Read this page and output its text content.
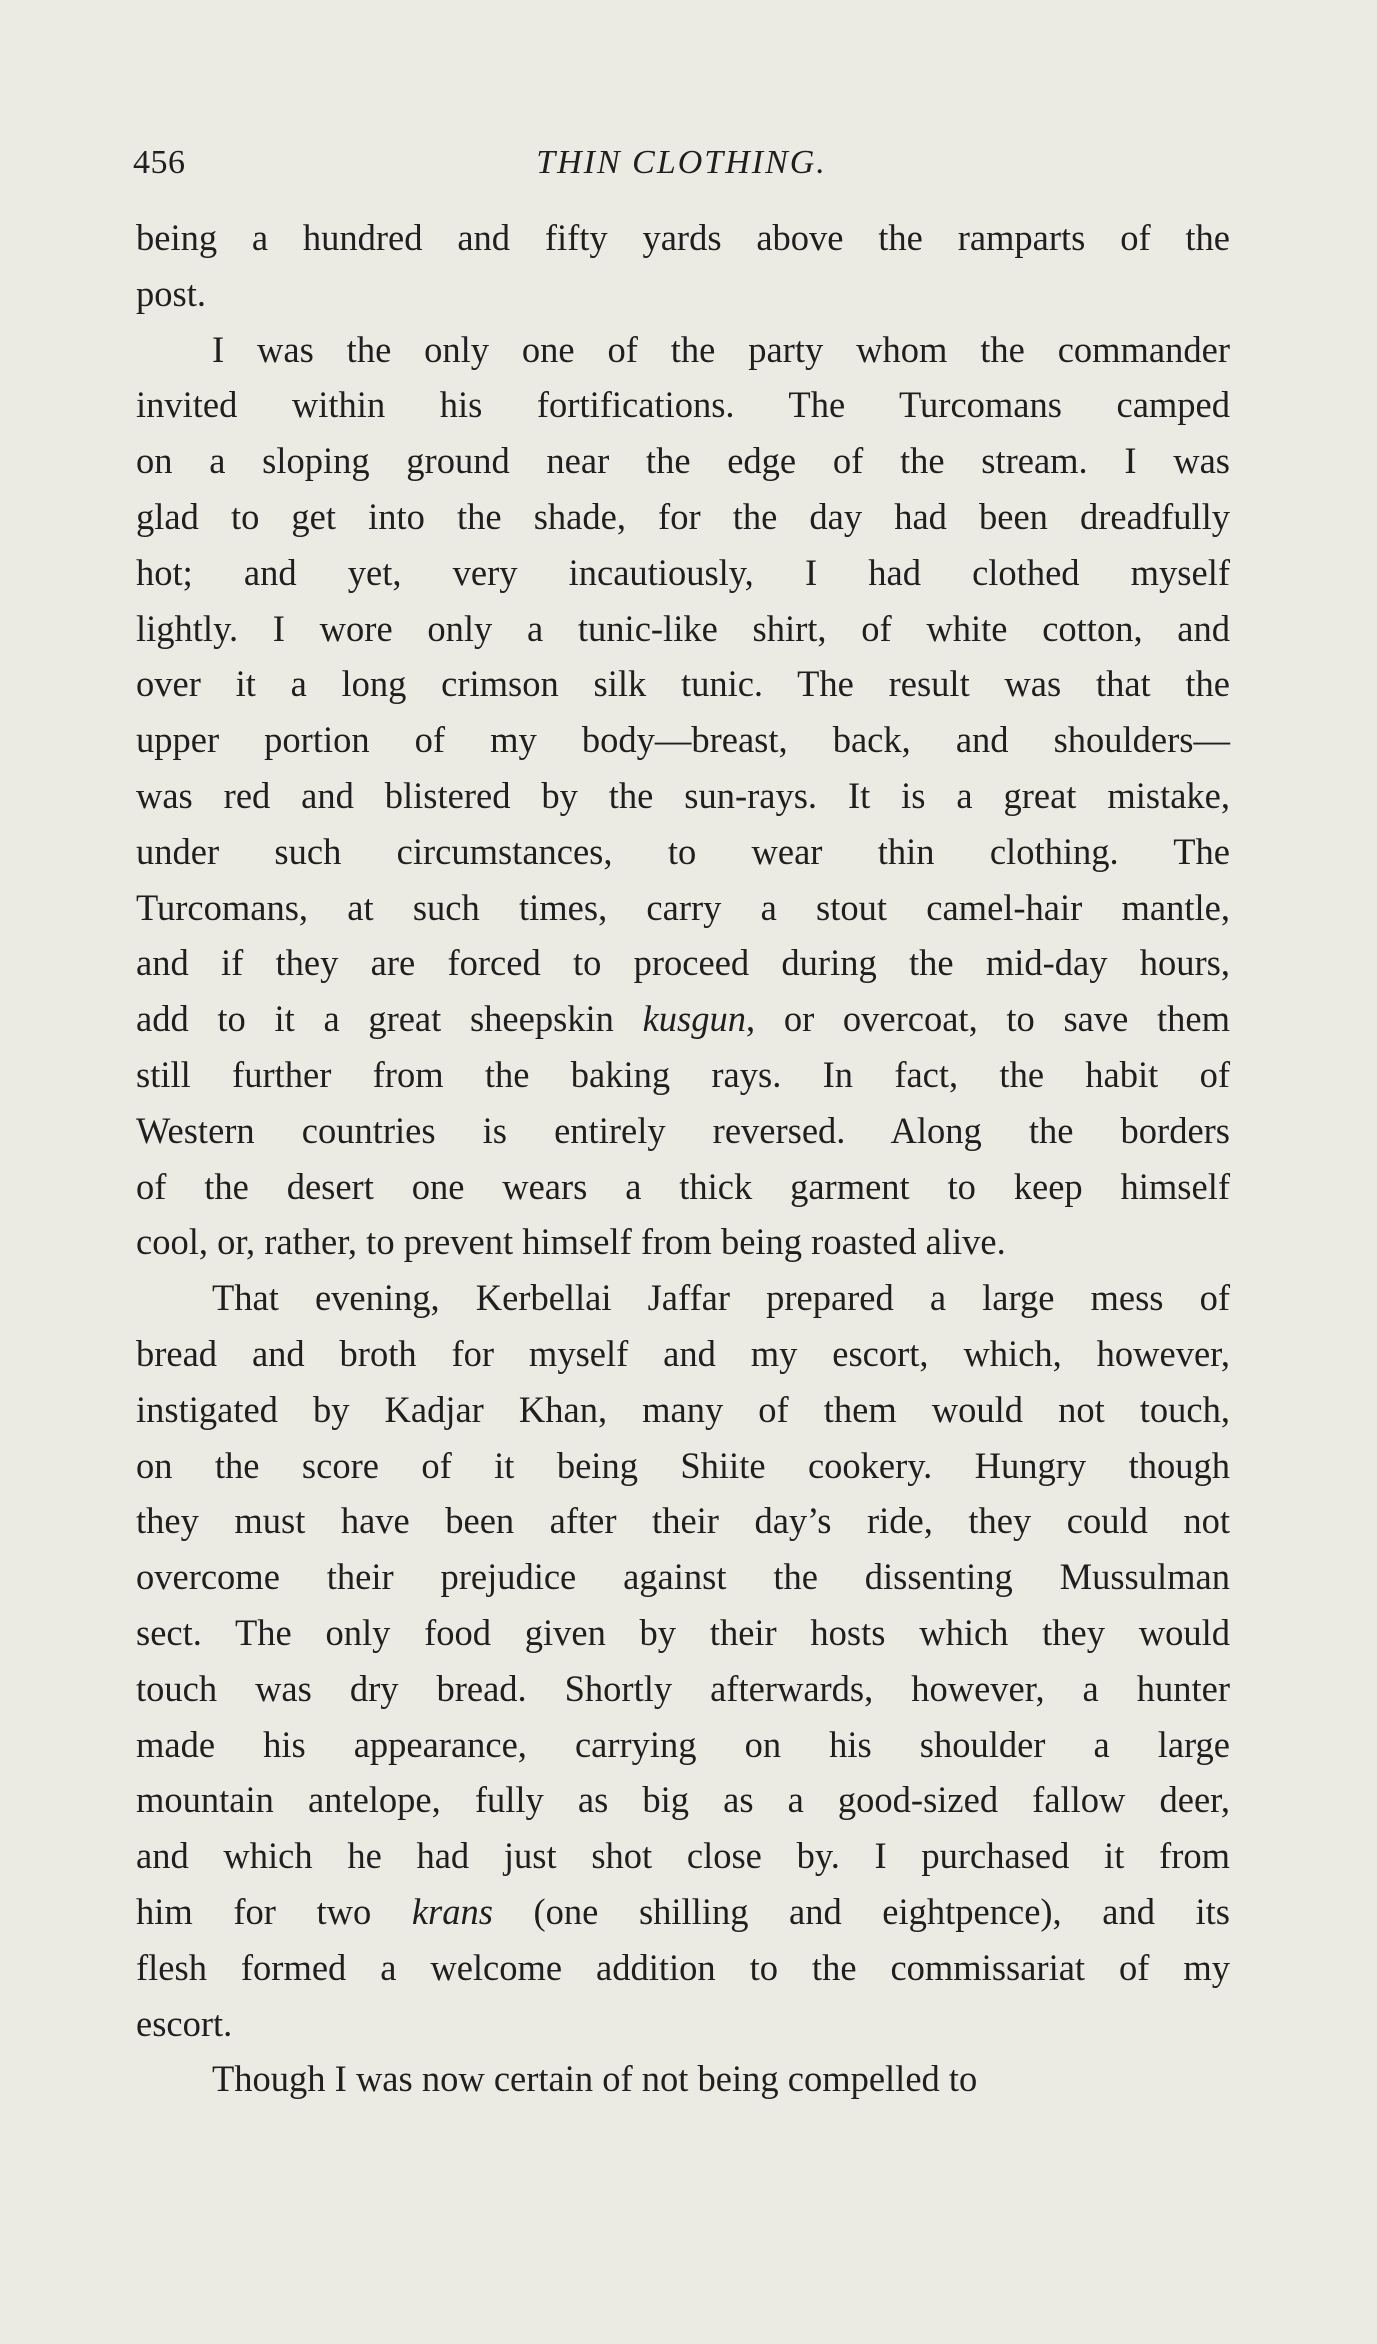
456	THIN CLOTHING.

being a hundred and fifty yards above the ramparts of the
post.

I was the only one of the party whom the commander
invited within his fortifications. The Turcomans camped
on a sloping ground near the edge of the stream. I was
glad to get into the shade, for the day had been dreadfully
hot; and yet, very incautiously, I had clothed myself
lightly. I wore only a tunic-like shirt, of white cotton, and
over it a long crimson silk tunic. The result was that the
upper portion of my body—breast, back, and shoulders—
was red and blistered by the sun-rays. It is a great mistake,
under such circumstances, to wear thin clothing. The
Turcomans, at such times, carry a stout camel-hair mantle,
and if they are forced to proceed during the mid-day hours,
add to it a great sheepskin kusgun, or overcoat, to save them
still further from the baking rays. In fact, the habit of
Western countries is entirely reversed. Along the borders
of the desert one wears a thick garment to keep himself
cool, or, rather, to prevent himself from being roasted alive.

That evening, Kerbellai Jaffar prepared a large mess of
bread and broth for myself and my escort, which, however,
instigated by Kadjar Khan, many of them would not touch,
on the score of it being Shiite cookery. Hungry though
they must have been after their day’s ride, they could not
overcome their prejudice against the dissenting Mussulman
sect. The only food given by their hosts which they would
touch was dry bread. Shortly afterwards, however, a hunter
made his appearance, carrying on his shoulder a large
mountain antelope, fully as big as a good-sized fallow deer,
and which he had just shot close by. I purchased it from
him for two krans (one shilling and eightpence), and its
flesh formed a welcome addition to the commissariat of my
escort.

Though I was now certain of not being compelled to
